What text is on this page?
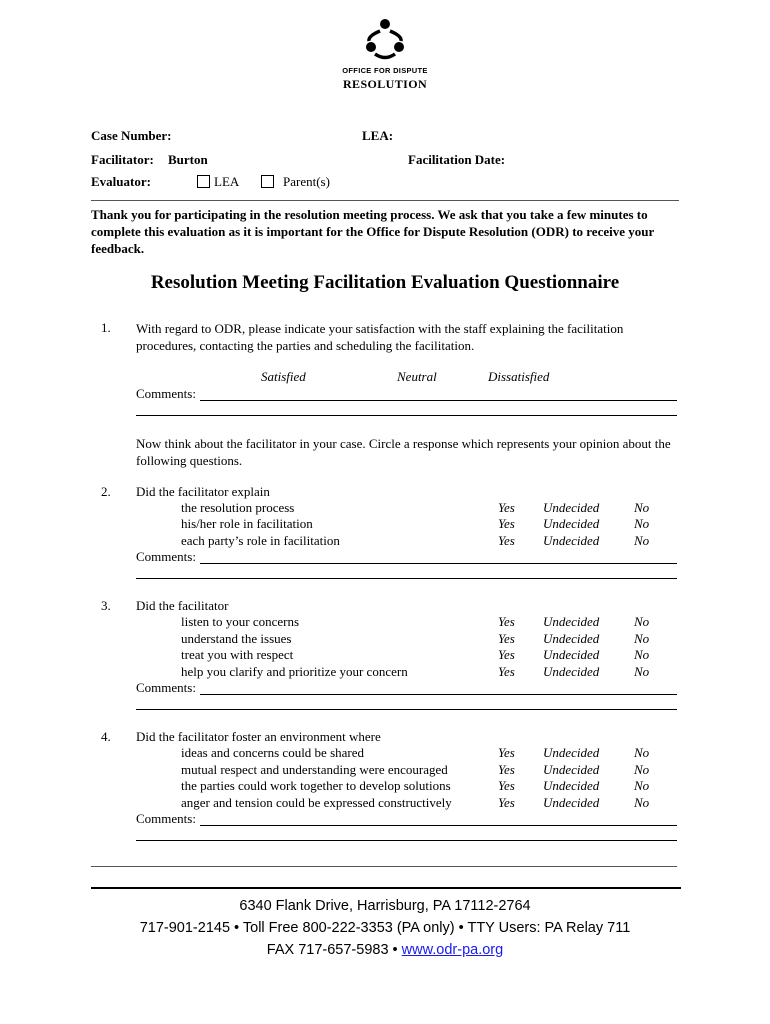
OFFICE FOR DISPUTE
RESOLUTION
Case Number:	LEA:
Facilitator: Burton	Facilitation Date:
Evaluator:	LEA	Parent(s)
Thank you for participating in the resolution meeting process. We ask that you take a few minutes to complete this evaluation as it is important for the Office for Dispute Resolution (ODR) to receive your feedback.
Resolution Meeting Facilitation Evaluation Questionnaire
1. With regard to ODR, please indicate your satisfaction with the staff explaining the facilitation procedures, contacting the parties and scheduling the facilitation.
Satisfied	Neutral	Dissatisfied
Comments:
Now think about the facilitator in your case. Circle a response which represents your opinion about the following questions.
2. Did the facilitator explain
the resolution process	Yes Undecided	No
his/her role in facilitation	Yes Undecided	No
each party’s role in facilitation	Yes Undecided	No
Comments:
3. Did the facilitator
listen to your concerns	Yes Undecided	No
understand the issues	Yes Undecided	No
treat you with respect	Yes Undecided	No
help you clarify and prioritize your concern	Yes Undecided	No
Comments:
4. Did the facilitator foster an environment where
ideas and concerns could be shared	Yes Undecided	No
mutual respect and understanding were encouraged	Yes Undecided	No
the parties could work together to develop solutions	Yes Undecided	No
anger and tension could be expressed constructively	Yes Undecided	No
Comments:
6340 Flank Drive, Harrisburg, PA 17112-2764
717-901-2145 • Toll Free 800-222-3353 (PA only) • TTY Users: PA Relay 711
FAX 717-657-5983 • www.odr-pa.org
